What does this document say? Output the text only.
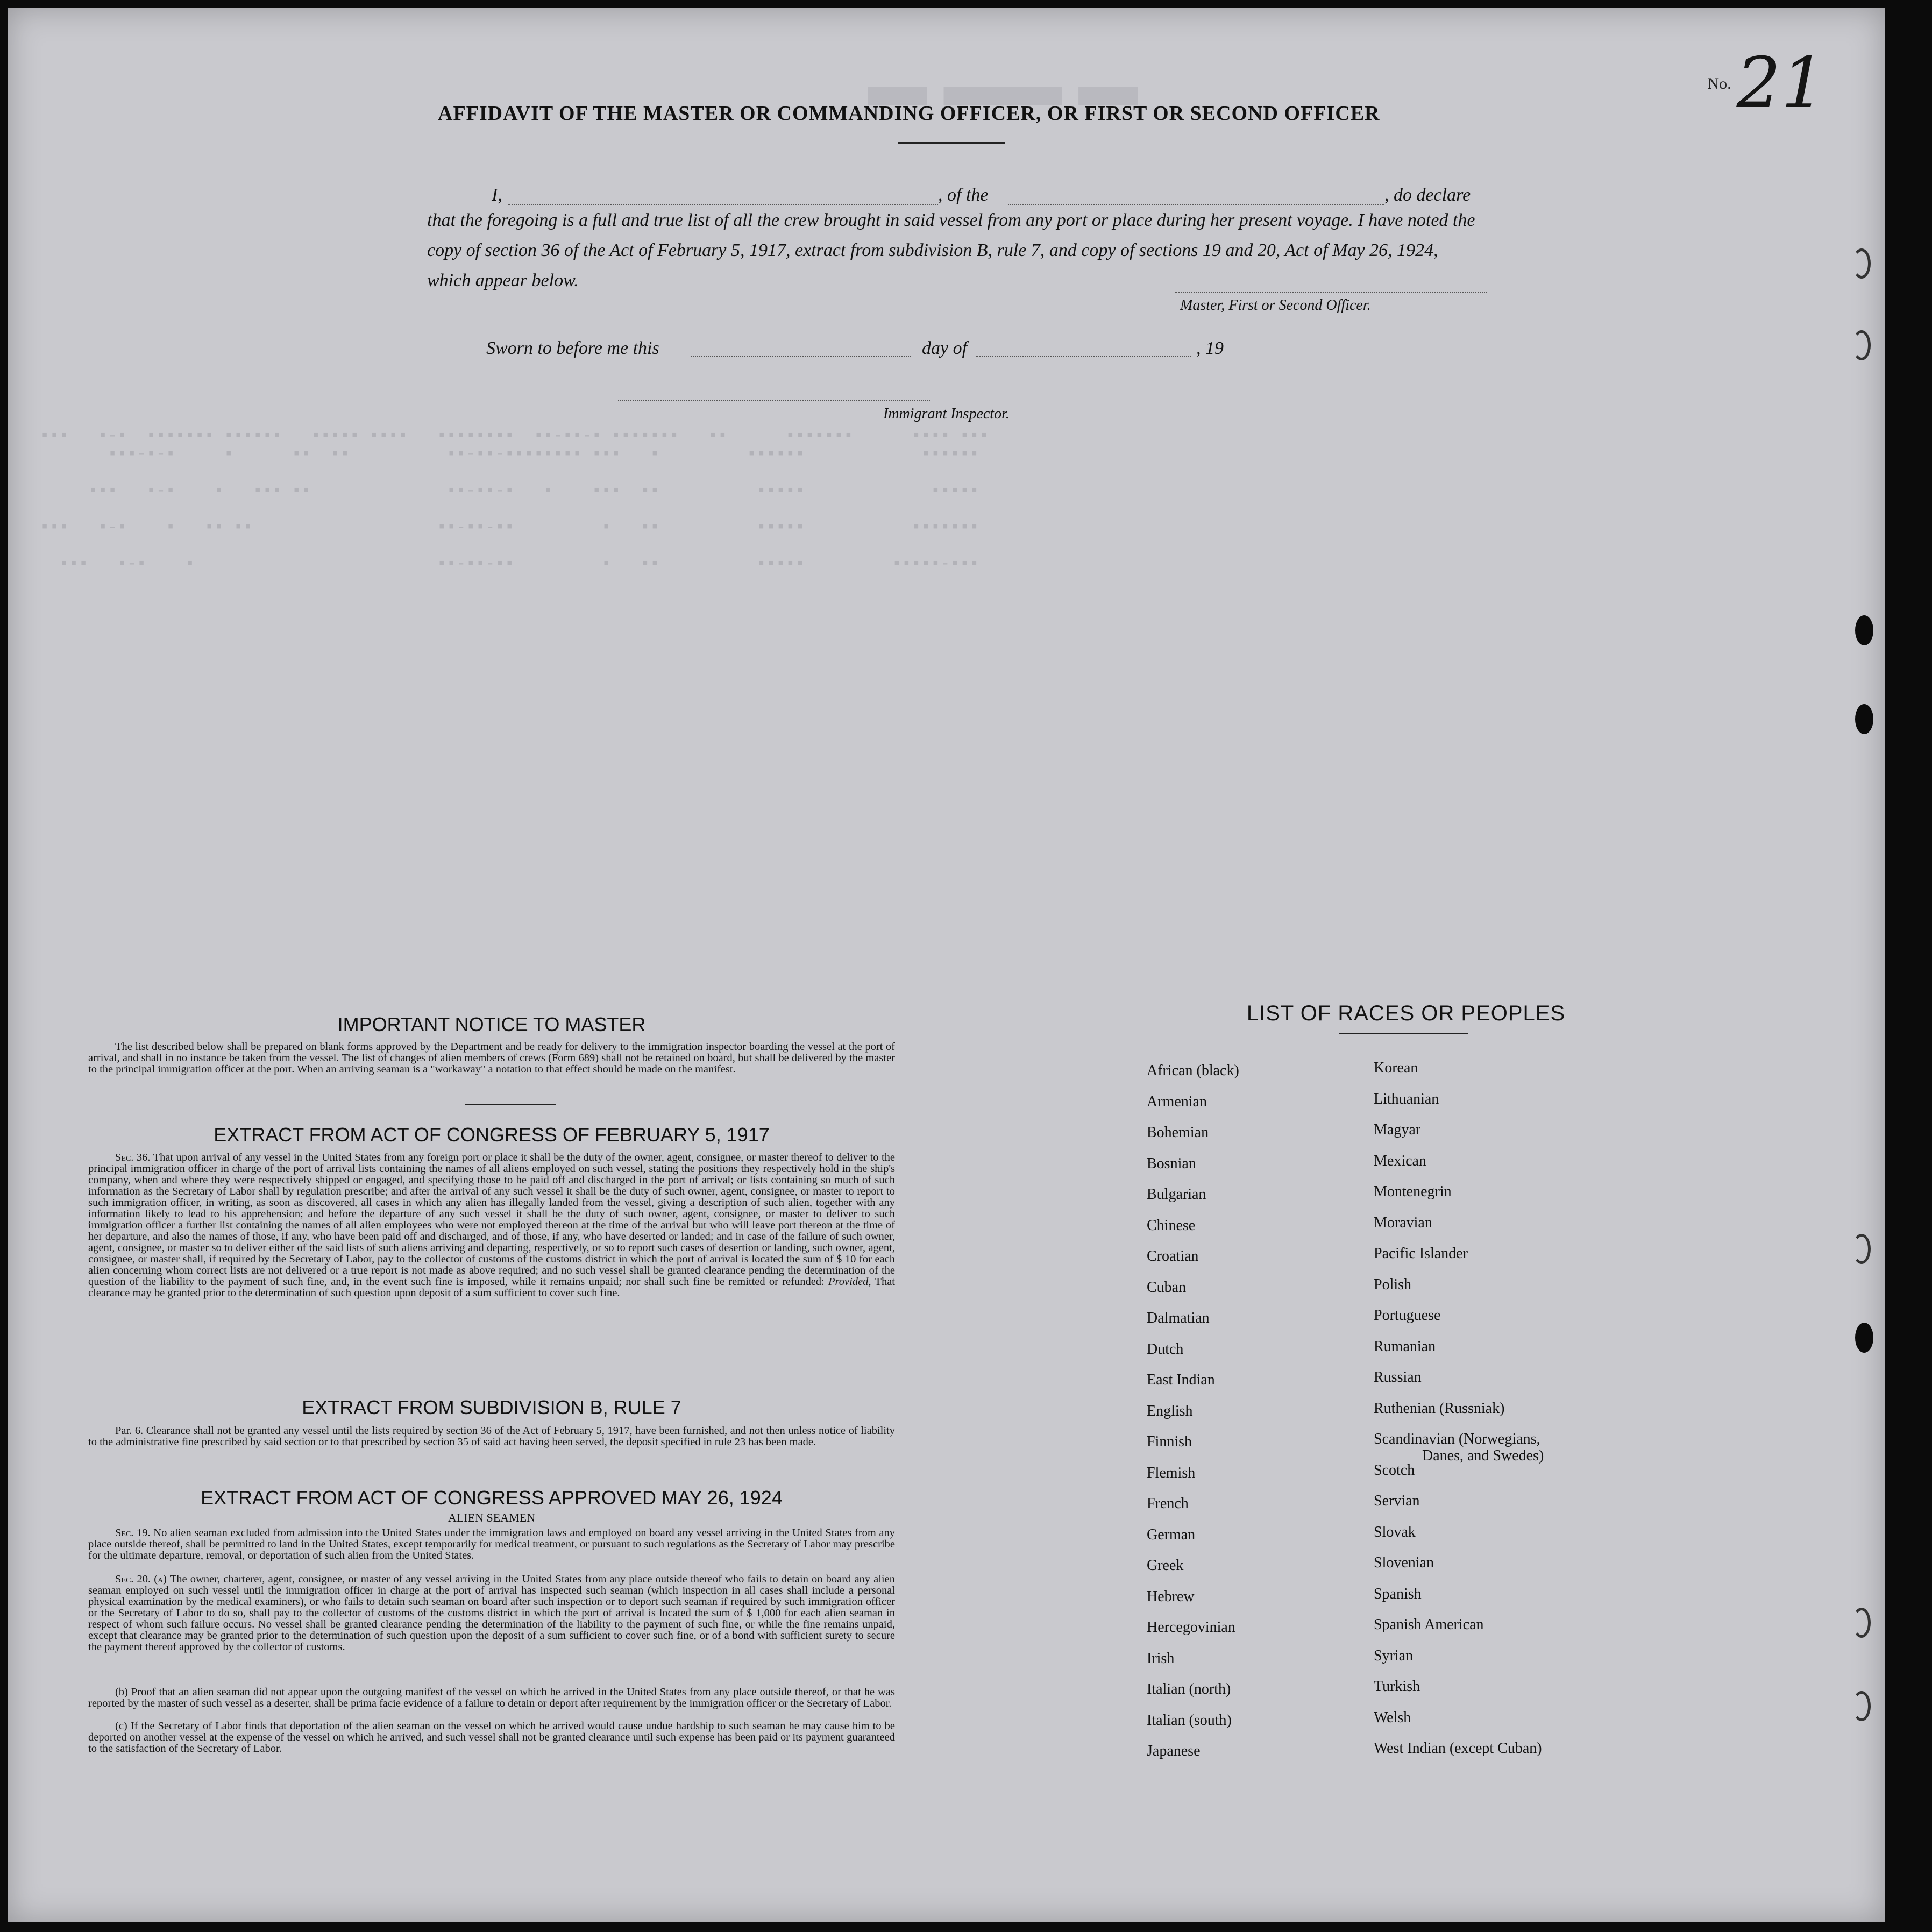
▬ ▬▬ ▬
▪▪▪ ▪▪▪▪      ▪▪▪▪▪▪▪      ▪▪   ▪▪▪▪▪▪▪ ▪-▪▪-▪▪  ▪▪▪▪▪▪▪▪   ▪▪▪▪ ▪▪▪▪▪   ▪▪▪▪▪▪ ▪▪▪▪▪▪▪  ▪-▪   ▪▪▪
▪▪▪▪▪▪            ▪▪▪▪▪▪         ▪   ▪▪▪ ▪▪▪▪▪▪▪▪-▪▪-▪▪          ▪▪  ▪▪      ▪     ▪-▪-▪▪▪

▪▪▪▪▪             ▪▪▪▪▪          ▪▪  ▪▪▪    ▪   ▪-▪▪-▪▪              ▪▪ ▪▪▪   ▪    ▪-▪   ▪▪▪

▪▪▪▪▪▪▪           ▪▪▪▪▪          ▪▪   ▪         ▪▪-▪▪-▪▪                   ▪▪ ▪▪   ▪    ▪-▪   ▪▪▪

▪▪▪-▪▪▪▪▪         ▪▪▪▪▪          ▪▪   ▪         ▪▪-▪▪-▪▪                         ▪    ▪-▪   ▪▪▪
No.21
AFFIDAVIT OF THE MASTER OR COMMANDING OFFICER, OR FIRST OR SECOND OFFICER
I,	, of the	, do declare
that the foregoing is a full and true list of all the crew brought in said vessel from any port or place during her present voyage. I have noted the copy of section 36 of the Act of February 5, 1917, extract from subdivision B, rule 7, and copy of sections 19 and 20, Act of May 26, 1924, which appear below.
Master, First or Second Officer.
Sworn to before me this	day of	, 19
Immigrant Inspector.
IMPORTANT NOTICE TO MASTER
The list described below shall be prepared on blank forms approved by the Department and be ready for delivery to the immigration inspector boarding the vessel at the port of arrival, and shall in no instance be taken from the vessel. The list of changes of alien members of crews (Form 689) shall not be retained on board, but shall be delivered by the master to the principal immigration officer at the port. When an arriving seaman is a "workaway" a notation to that effect should be made on the manifest.
EXTRACT FROM ACT OF CONGRESS OF FEBRUARY 5, 1917
Sec. 36. That upon arrival of any vessel in the United States from any foreign port or place it shall be the duty of the owner, agent, consignee, or master thereof to deliver to the principal immigration officer in charge of the port of arrival lists containing the names of all aliens employed on such vessel, stating the positions they respectively hold in the ship's company, when and where they were respectively shipped or engaged, and specifying those to be paid off and discharged in the port of arrival; or lists containing so much of such information as the Secretary of Labor shall by regulation prescribe; and after the arrival of any such vessel it shall be the duty of such owner, agent, consignee, or master to report to such immigration officer, in writing, as soon as discovered, all cases in which any alien has illegally landed from the vessel, giving a description of such alien, together with any information likely to lead to his apprehension; and before the departure of any such vessel it shall be the duty of such owner, agent, consignee, or master to deliver to such immigration officer a further list containing the names of all alien employees who were not employed thereon at the time of the arrival but who will leave port thereon at the time of her departure, and also the names of those, if any, who have been paid off and discharged, and of those, if any, who have deserted or landed; and in case of the failure of such owner, agent, consignee, or master so to deliver either of the said lists of such aliens arriving and departing, respectively, or so to report such cases of desertion or landing, such owner, agent, consignee, or master shall, if required by the Secretary of Labor, pay to the collector of customs of the customs district in which the port of arrival is located the sum of $ 10 for each alien concerning whom correct lists are not delivered or a true report is not made as above required; and no such vessel shall be granted clearance pending the determination of the question of the liability to the payment of such fine, and, in the event such fine is imposed, while it remains unpaid; nor shall such fine be remitted or refunded: Provided, That clearance may be granted prior to the determination of such question upon deposit of a sum sufficient to cover such fine.
EXTRACT FROM SUBDIVISION B, RULE 7
Par. 6. Clearance shall not be granted any vessel until the lists required by section 36 of the Act of February 5, 1917, have been furnished, and not then unless notice of liability to the administrative fine prescribed by said section or to that prescribed by section 35 of said act having been served, the deposit specified in rule 23 has been made.
EXTRACT FROM ACT OF CONGRESS APPROVED MAY 26, 1924
ALIEN SEAMEN
Sec. 19. No alien seaman excluded from admission into the United States under the immigration laws and employed on board any vessel arriving in the United States from any place outside thereof, shall be permitted to land in the United States, except temporarily for medical treatment, or pursuant to such regulations as the Secretary of Labor may prescribe for the ultimate departure, removal, or deportation of such alien from the United States.
Sec. 20. (a) The owner, charterer, agent, consignee, or master of any vessel arriving in the United States from any place outside thereof who fails to detain on board any alien seaman employed on such vessel until the immigration officer in charge at the port of arrival has inspected such seaman (which inspection in all cases shall include a personal physical examination by the medical examiners), or who fails to detain such seaman on board after such inspection or to deport such seaman if required by such immigration officer or the Secretary of Labor to do so, shall pay to the collector of customs of the customs district in which the port of arrival is located the sum of $ 1,000 for each alien seaman in respect of whom such failure occurs. No vessel shall be granted clearance pending the determination of the liability to the payment of such fine, or while the fine remains unpaid, except that clearance may be granted prior to the determination of such question upon the deposit of a sum sufficient to cover such fine, or of a bond with sufficient surety to secure the payment thereof approved by the collector of customs.
(b) Proof that an alien seaman did not appear upon the outgoing manifest of the vessel on which he arrived in the United States from any place outside thereof, or that he was reported by the master of such vessel as a deserter, shall be prima facie evidence of a failure to detain or deport after requirement by the immigration officer or the Secretary of Labor.
(c) If the Secretary of Labor finds that deportation of the alien seaman on the vessel on which he arrived would cause undue hardship to such seaman he may cause him to be deported on another vessel at the expense of the vessel on which he arrived, and such vessel shall not be granted clearance until such expense has been paid or its payment guaranteed to the satisfaction of the Secretary of Labor.
LIST OF RACES OR PEOPLES
African (black)
Armenian
Bohemian
Bosnian
Bulgarian
Chinese
Croatian
Cuban
Dalmatian
Dutch
East Indian
English
Finnish
Flemish
French
German
Greek
Hebrew
Hercegovinian
Irish
Italian (north)
Italian (south)
Japanese
Korean
Lithuanian
Magyar
Mexican
Montenegrin
Moravian
Pacific Islander
Polish
Portuguese
Rumanian
Russian
Ruthenian (Russniak)
Scandinavian (Norwegians,
Danes, and Swedes)
Scotch
Servian
Slovak
Slovenian
Spanish
Spanish American
Syrian
Turkish
Welsh
West Indian (except Cuban)
